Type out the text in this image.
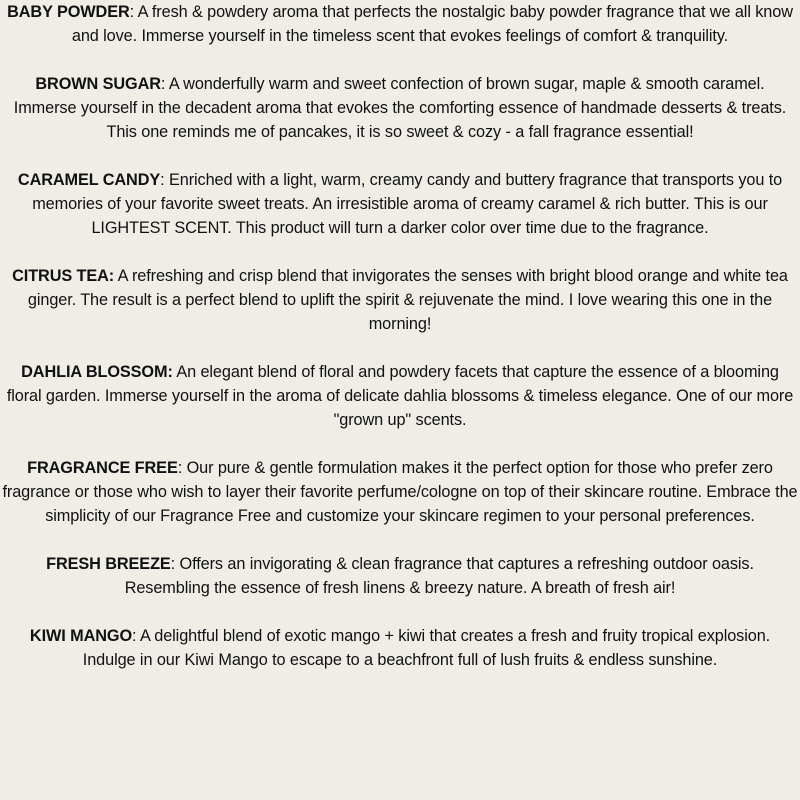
BABY POWDER: A fresh & powdery aroma that perfects the nostalgic baby powder fragrance that we all know and love. Immerse yourself in the timeless scent that evokes feelings of comfort & tranquility.

BROWN SUGAR: A wonderfully warm and sweet confection of brown sugar, maple & smooth caramel. Immerse yourself in the decadent aroma that evokes the comforting essence of handmade desserts & treats. This one reminds me of pancakes, it is so sweet & cozy - a fall fragrance essential!

CARAMEL CANDY: Enriched with a light, warm, creamy candy and buttery fragrance that transports you to memories of your favorite sweet treats. An irresistible aroma of creamy caramel & rich butter. This is our LIGHTEST SCENT. This product will turn a darker color over time due to the fragrance.

CITRUS TEA: A refreshing and crisp blend that invigorates the senses with bright blood orange and white tea ginger. The result is a perfect blend to uplift the spirit & rejuvenate the mind. I love wearing this one in the morning!

DAHLIA BLOSSOM: An elegant blend of floral and powdery facets that capture the essence of a blooming floral garden. Immerse yourself in the aroma of delicate dahlia blossoms & timeless elegance. One of our more "grown up" scents.

FRAGRANCE FREE: Our pure & gentle formulation makes it the perfect option for those who prefer zero fragrance or those who wish to layer their favorite perfume/cologne on top of their skincare routine. Embrace the simplicity of our Fragrance Free and customize your skincare regimen to your personal preferences.

FRESH BREEZE: Offers an invigorating & clean fragrance that captures a refreshing outdoor oasis. Resembling the essence of fresh linens & breezy nature. A breath of fresh air!

KIWI MANGO: A delightful blend of exotic mango + kiwi that creates a fresh and fruity tropical explosion. Indulge in our Kiwi Mango to escape to a beachfront full of lush fruits & endless sunshine.
